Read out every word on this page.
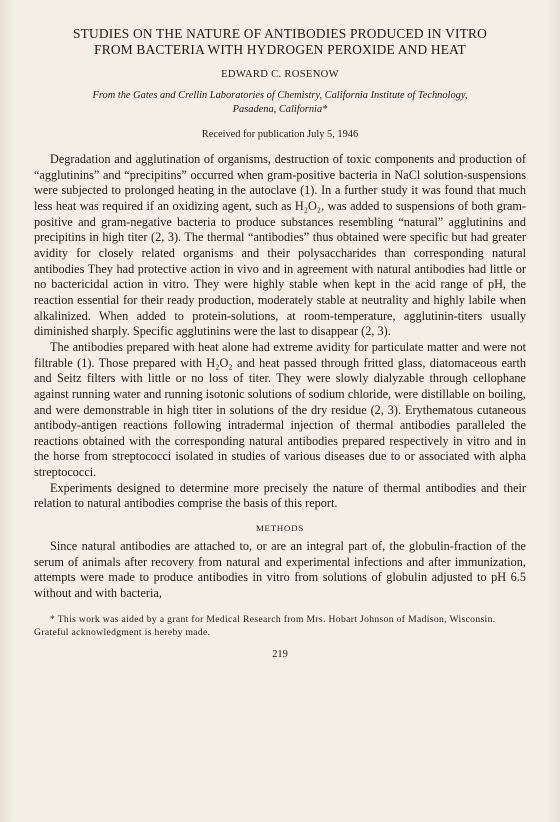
STUDIES ON THE NATURE OF ANTIBODIES PRODUCED IN VITRO
FROM BACTERIA WITH HYDROGEN PEROXIDE AND HEAT
EDWARD C. ROSENOW
From the Gates and Crellin Laboratories of Chemistry, California Institute of Technology,
Pasadena, California*
Received for publication July 5, 1946

Degradation and agglutination of organisms, destruction of toxic components and production of “agglutinins” and “precipitins” occurred when gram-positive bacteria in NaCl solution-suspensions were subjected to prolonged heating in the autoclave (1). In a further study it was found that much less heat was required if an oxidizing agent, such as H₂O₂, was added to suspensions of both gram-positive and gram-negative bacteria to produce substances resembling “natural” agglutinins and precipitins in high titer (2, 3). The thermal “antibodies” thus obtained were specific but had greater avidity for closely related organisms and their polysaccharides than corresponding natural antibodies They had protective action in vivo and in agreement with natural antibodies had little or no bactericidal action in vitro. They were highly stable when kept in the acid range of pH, the reaction essential for their ready production, moderately stable at neutrality and highly labile when alkalinized. When added to protein-solutions, at room-temperature, agglutinin-titers usually diminished sharply. Specific agglutinins were the last to disappear (2, 3).

The antibodies prepared with heat alone had extreme avidity for particulate matter and were not filtrable (1). Those prepared with H₂O₂ and heat passed through fritted glass, diatomaceous earth and Seitz filters with little or no loss of titer. They were slowly dialyzable through cellophane against running water and running isotonic solutions of sodium chloride, were distillable on boiling, and were demonstrable in high titer in solutions of the dry residue (2, 3). Erythematous cutaneous antibody-antigen reactions following intradermal injection of thermal antibodies paralleled the reactions obtained with the corresponding natural antibodies prepared respectively in vitro and in the horse from streptococci isolated in studies of various diseases due to or associated with alpha streptococci.

Experiments designed to determine more precisely the nature of thermal antibodies and their relation to natural antibodies comprise the basis of this report.

METHODS

Since natural antibodies are attached to, or are an integral part of, the globulin-fraction of the serum of animals after recovery from natural and experimental infections and after immunization, attempts were made to produce antibodies in vitro from solutions of globulin adjusted to pH 6.5 without and with bacteria,

* This work was aided by a grant for Medical Research from Mrs. Hobart Johnson of Madison, Wisconsin. Grateful acknowledgment is hereby made.

219
